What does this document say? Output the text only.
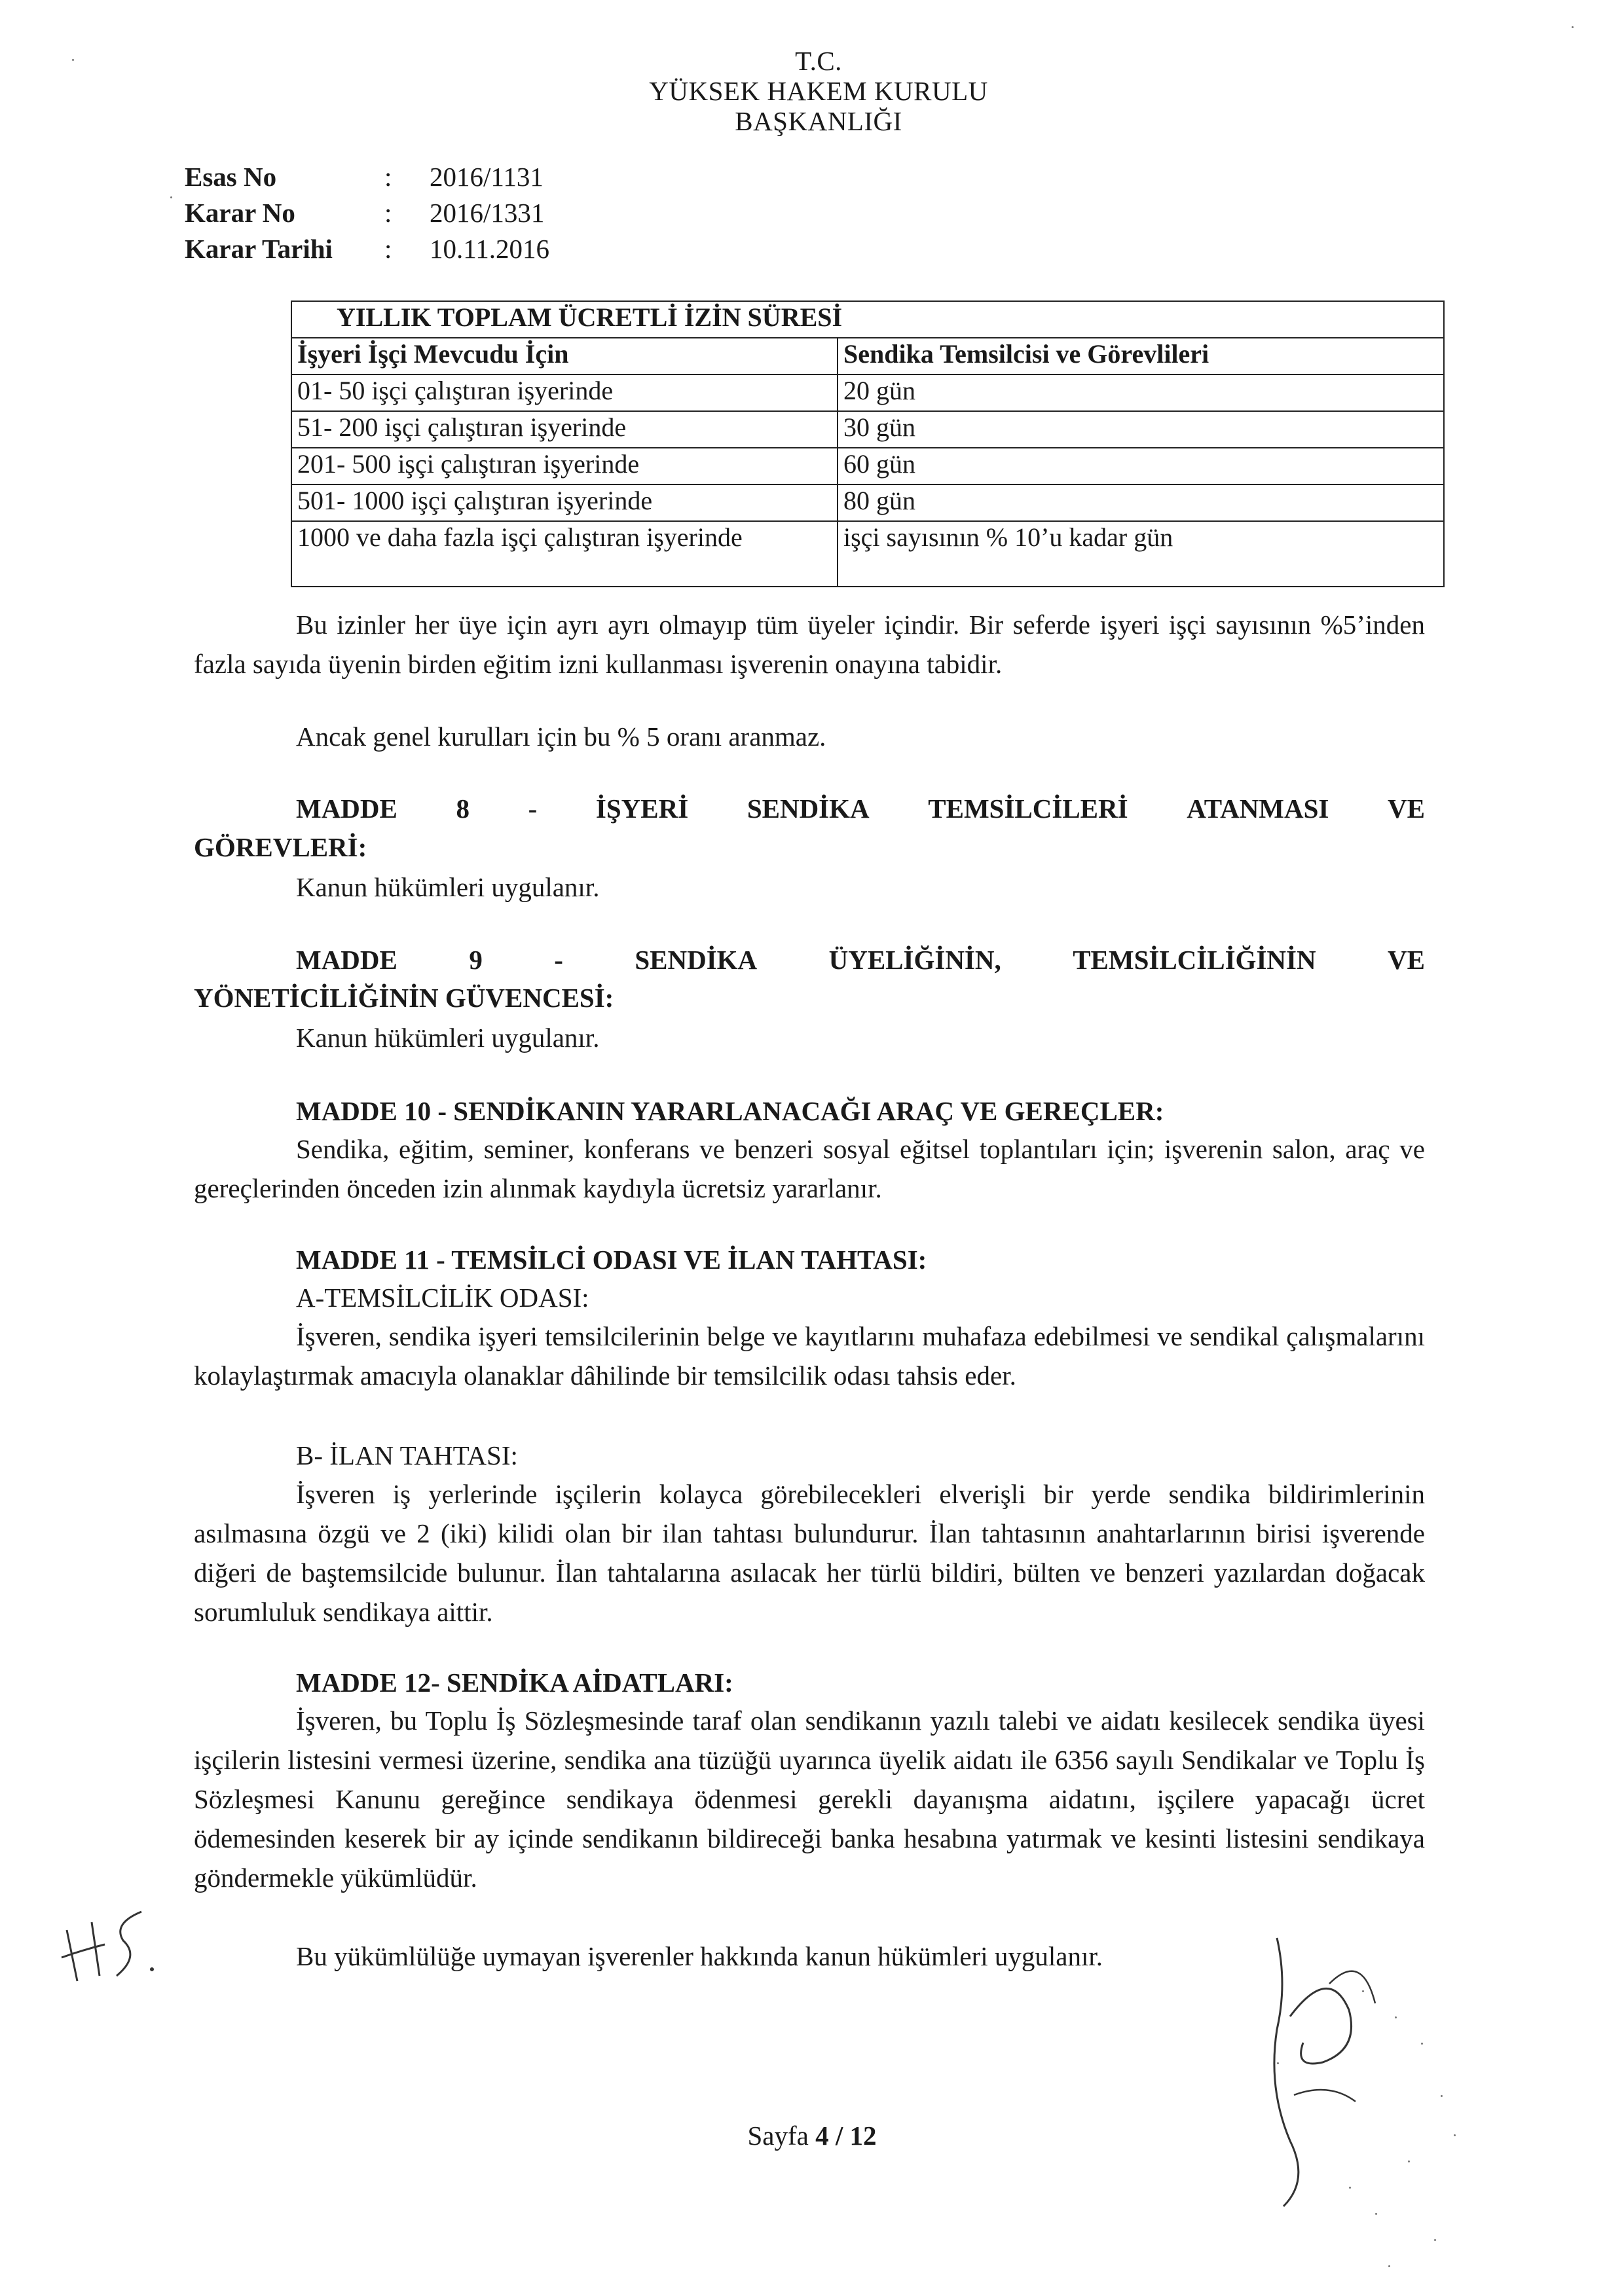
T.C.
YÜKSEK HAKEM KURULU
BAŞKANLIĞI
Esas No	: 2016/1131
Karar No	: 2016/1331
Karar Tarihi : 10.11.2016
YILLIK TOPLAM ÜCRETLİ İZİN SÜRESİ	
İşyeri İşçi Mevcudu İçin	Sendika Temsilcisi ve Görevlileri
01- 50 işçi çalıştıran işyerinde	20 gün
51- 200 işçi çalıştıran işyerinde	30 gün
201- 500 işçi çalıştıran işyerinde	60 gün
501- 1000 işçi çalıştıran işyerinde	80 gün
1000 ve daha fazla işçi çalıştıran işyerinde	işçi sayısının % 10’u kadar gün
Bu izinler her üye için ayrı ayrı olmayıp tüm üyeler içindir. Bir seferde işyeri işçi sayısının %5’inden fazla sayıda üyenin birden eğitim izni kullanması işverenin onayına tabidir.
Ancak genel kurulları için bu % 5 oranı aranmaz.
MADDE 8 - İŞYERİ SENDİKA TEMSİLCİLERİ ATANMASI VE
GÖREVLERİ:
Kanun hükümleri uygulanır.
MADDE	9	-	SENDİKA	ÜYELİĞİNİN,	TEMSİLCİLİĞİNİN	VE
YÖNETİCİLİĞİNİN GÜVENCESİ:
Kanun hükümleri uygulanır.
MADDE 10 - SENDİKANIN YARARLANACAĞI ARAÇ VE GEREÇLER:
Sendika, eğitim, seminer, konferans ve benzeri sosyal eğitsel toplantıları için; işverenin salon, araç ve gereçlerinden önceden izin alınmak kaydıyla ücretsiz yararlanır.
MADDE 11 - TEMSİLCİ ODASI VE İLAN TAHTASI:
A-TEMSİLCİLİK ODASI:
İşveren, sendika işyeri temsilcilerinin belge ve kayıtlarını muhafaza edebilmesi ve sendikal çalışmalarını kolaylaştırmak amacıyla olanaklar dâhilinde bir temsilcilik odası tahsis eder.
B- İLAN TAHTASI:
İşveren iş yerlerinde işçilerin kolayca görebilecekleri elverişli bir yerde sendika bildirimlerinin asılmasına özgü ve 2 (iki) kilidi olan bir ilan tahtası bulundurur. İlan tahtasının anahtarlarının birisi işverende diğeri de baştemsilcide bulunur. İlan tahtalarına asılacak her türlü bildiri, bülten ve benzeri yazılardan doğacak sorumluluk sendikaya aittir.
MADDE 12- SENDİKA AİDATLARI:
İşveren, bu Toplu İş Sözleşmesinde taraf olan sendikanın yazılı talebi ve aidatı kesilecek sendika üyesi işçilerin listesini vermesi üzerine, sendika ana tüzüğü uyarınca üyelik aidatı ile 6356 sayılı Sendikalar ve Toplu İş Sözleşmesi Kanunu gereğince sendikaya ödenmesi gerekli dayanışma aidatını, işçilere yapacağı ücret ödemesinden keserek bir ay içinde sendikanın bildireceği banka hesabına yatırmak ve kesinti listesini sendikaya göndermekle yükümlüdür.
Bu yükümlülüğe uymayan işverenler hakkında kanun hükümleri uygulanır.
Sayfa 4 / 12
